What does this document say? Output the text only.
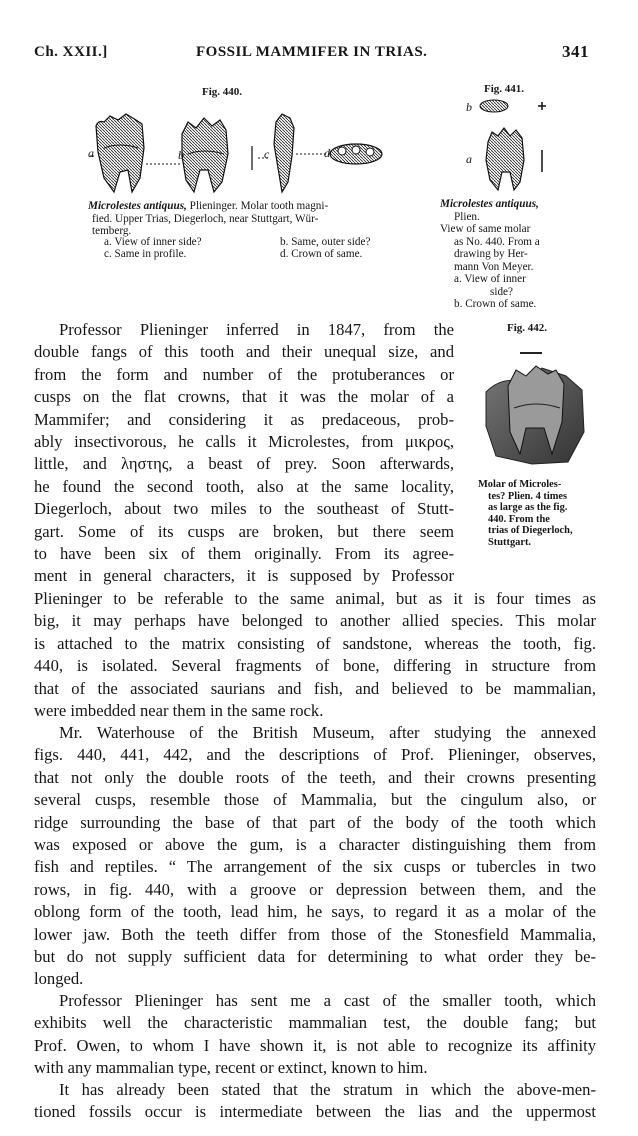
Ch. XXII.]	FOSSIL MAMMIFER IN TRIAS.	341
Fig. 440.
a	b	c	d
Microlestes antiquus, Plieninger. Molar tooth magni-
fied. Upper Trias, Diegerloch, near Stuttgart, Wür-
temberg.
a. View of inner side?	b. Same, outer side?
c. Same in profile.	d. Crown of same.
Fig. 441.
b
a
Microlestes antiquus,
Plien.
View of same molar
as No. 440. From a
drawing by Her-
mann Von Meyer.
a. View of inner
side?
b. Crown of same.
Fig. 442.
Molar of Microles-
tes? Plien. 4 times
as large as the fig.
440. From the
trias of Diegerloch,
Stuttgart.
Professor Plieninger inferred in 1847, from the
double fangs of this tooth and their unequal size, and
from the form and number of the protuberances or
cusps on the flat crowns, that it was the molar of a
Mammifer; and considering it as predaceous, prob-
ably insectivorous, he calls it Microlestes, from μικρος,
little, and ληστης, a beast of prey. Soon afterwards,
he found the second tooth, also at the same locality,
Diegerloch, about two miles to the southeast of Stutt-
gart. Some of its cusps are broken, but there seem
to have been six of them originally. From its agree-
ment in general characters, it is supposed by Professor
Plieninger to be referable to the same animal, but as it is four times as
big, it may perhaps have belonged to another allied species. This molar
is attached to the matrix consisting of sandstone, whereas the tooth, fig.
440, is isolated. Several fragments of bone, differing in structure from
that of the associated saurians and fish, and believed to be mammalian,
were imbedded near them in the same rock.
Mr. Waterhouse of the British Museum, after studying the annexed
figs. 440, 441, 442, and the descriptions of Prof. Plieninger, observes,
that not only the double roots of the teeth, and their crowns presenting
several cusps, resemble those of Mammalia, but the cingulum also, or
ridge surrounding the base of that part of the body of the tooth which
was exposed or above the gum, is a character distinguishing them from
fish and reptiles. “ The arrangement of the six cusps or tubercles in two
rows, in fig. 440, with a groove or depression between them, and the
oblong form of the tooth, lead him, he says, to regard it as a molar of the
lower jaw. Both the teeth differ from those of the Stonesfield Mammalia,
but do not supply sufficient data for determining to what order they be-
longed.
Professor Plieninger has sent me a cast of the smaller tooth, which
exhibits well the characteristic mammalian test, the double fang; but
Prof. Owen, to whom I have shown it, is not able to recognize its affinity
with any mammalian type, recent or extinct, known to him.
It has already been stated that the stratum in which the above-men-
tioned fossils occur is intermediate between the lias and the uppermost
